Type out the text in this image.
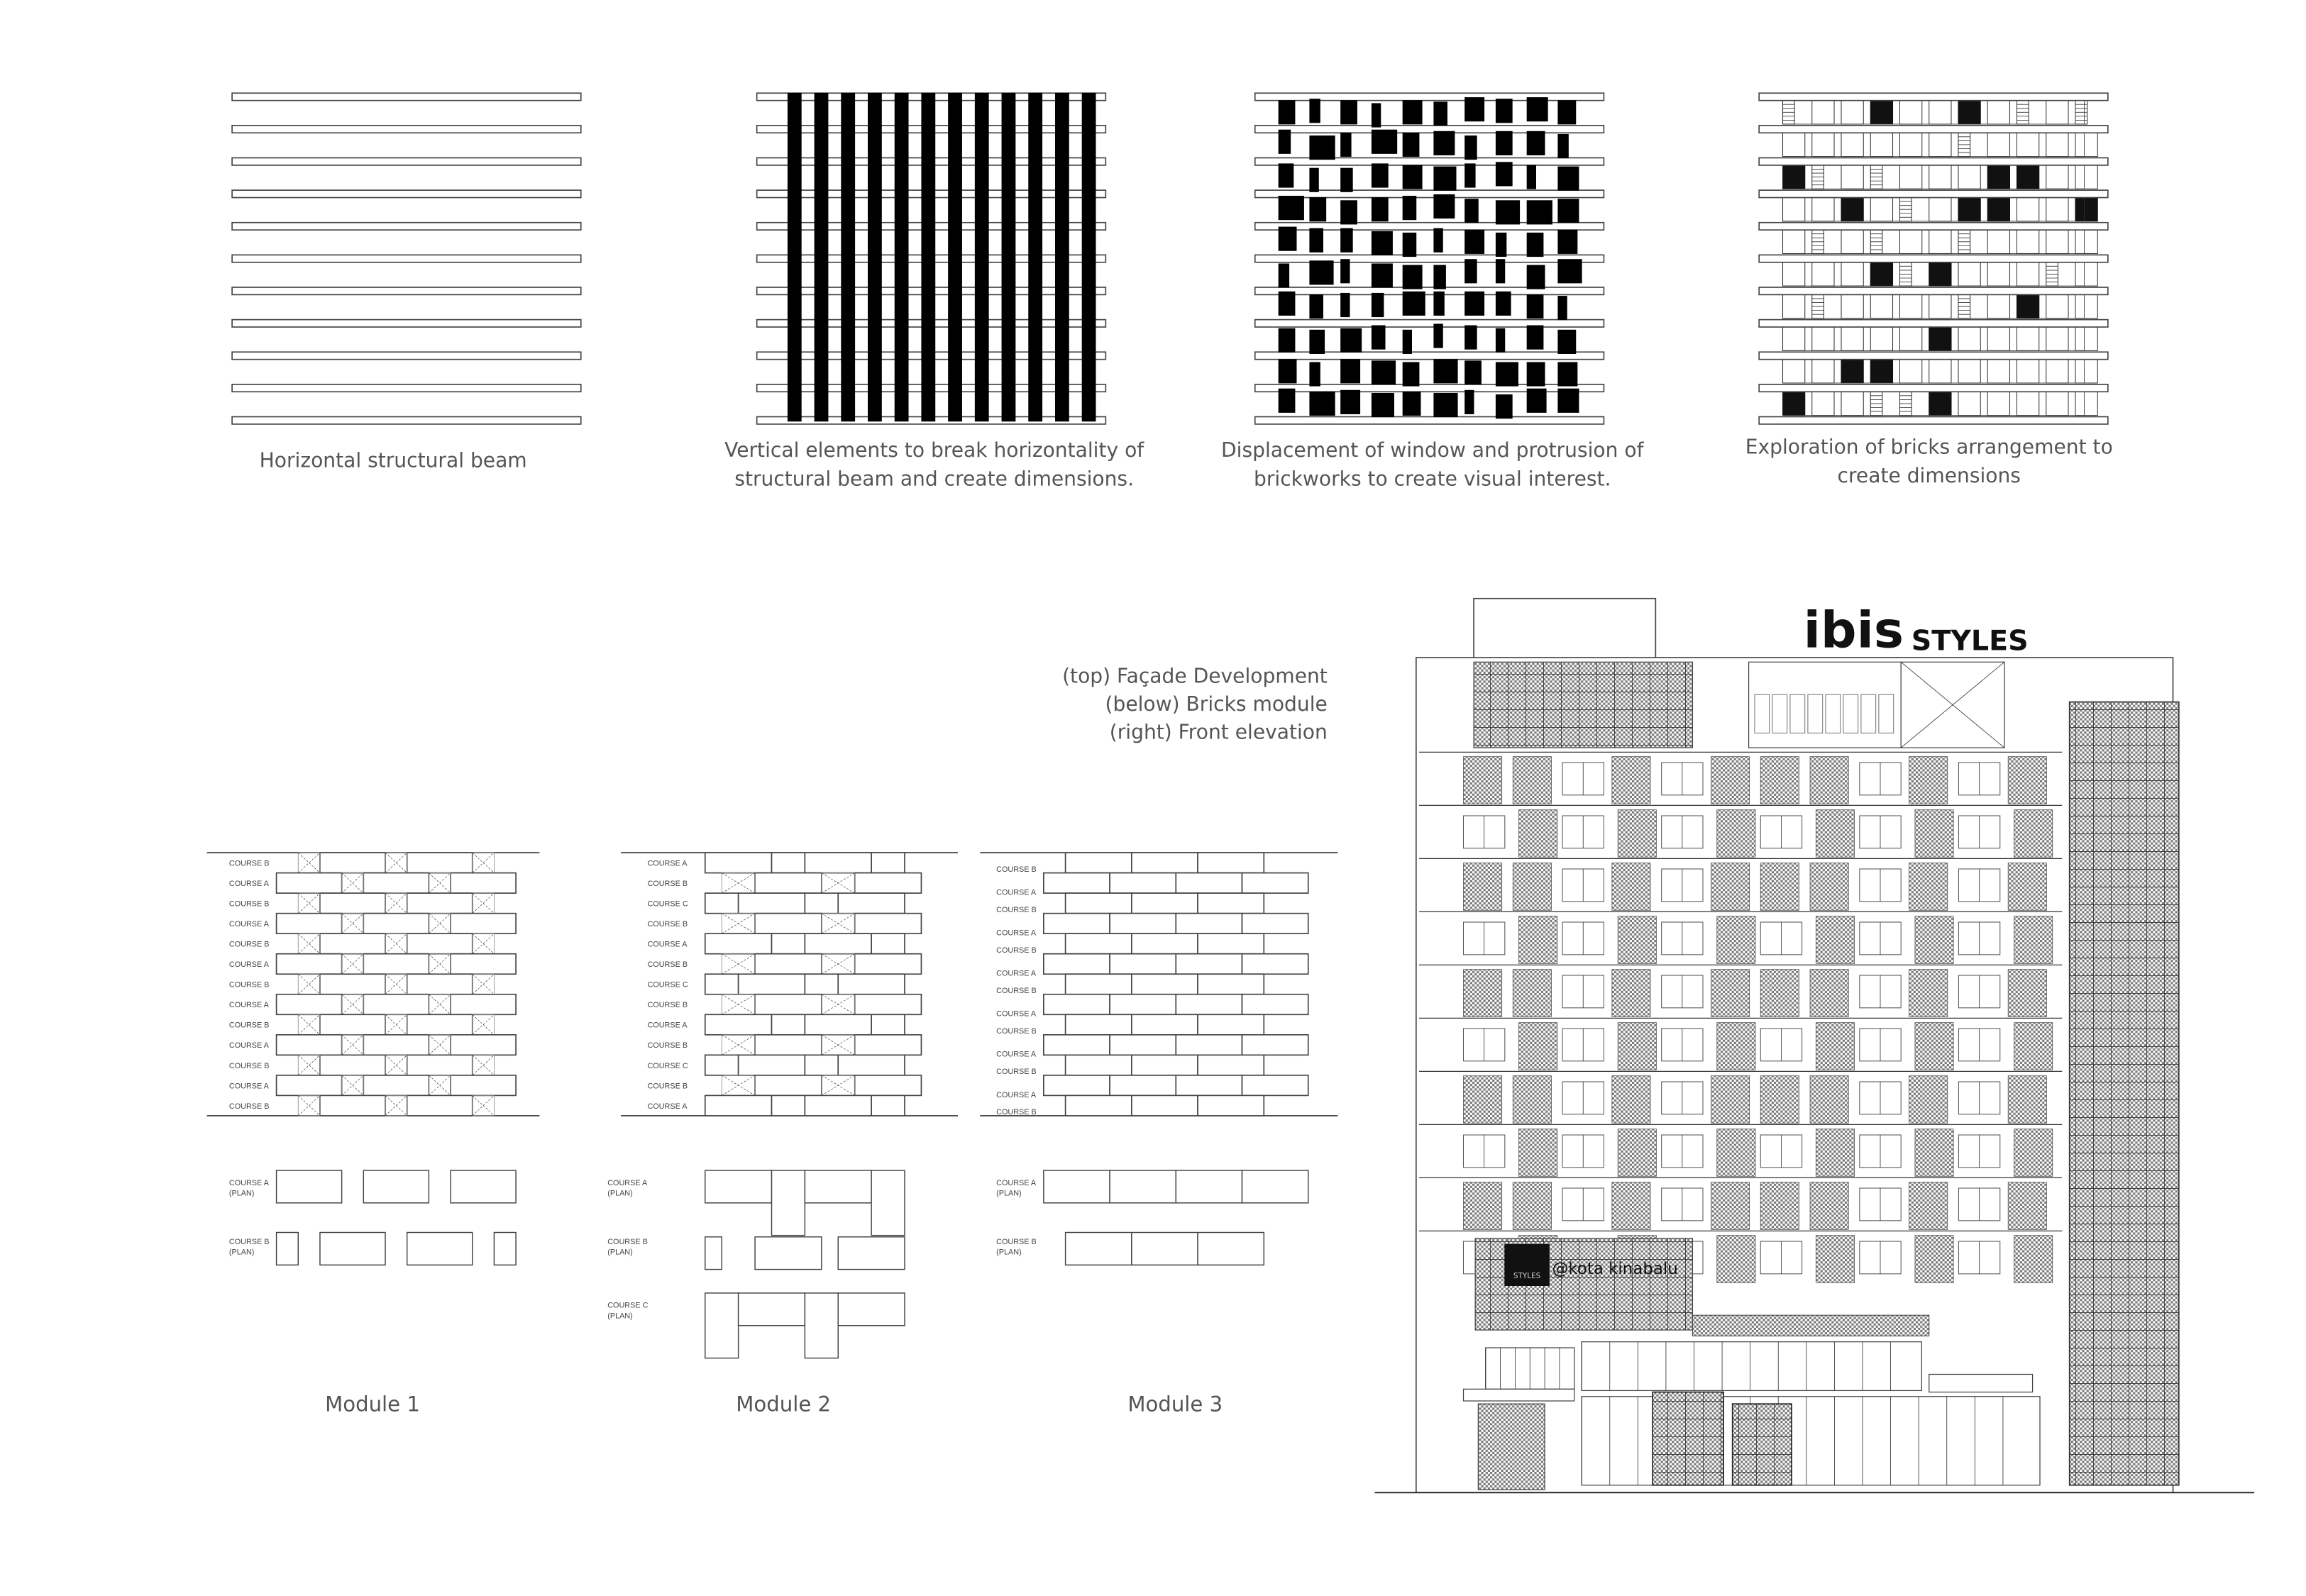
Horizontal structural beam	Vertical elements to break horizontality of
structural beam and create dimensions.
Displacement of window and protrusion of
brickworks to create visual interest.
Exploration of bricks arrangement to
create dimensions
(top) Façade Development
(below) Bricks module
(right) Front elevation
COURSE B
COURSE A
COURSE B
COURSE A
COURSE B
COURSE A
COURSE B
COURSE A
COURSE B
COURSE A
COURSE B
COURSE A
COURSE B
COURSE A
(PLAN)
COURSE B
(PLAN)
Module 1
COURSE A
COURSE B
COURSE C
COURSE B
COURSE A
COURSE B
COURSE C
COURSE B
COURSE A
COURSE B
COURSE C
COURSE B
COURSE A
COURSE A
(PLAN)
COURSE B
(PLAN)
COURSE C
(PLAN)
Module 2
COURSE B
COURSE A
COURSE B
COURSE A
COURSE B
COURSE A
COURSE B
COURSE A
COURSE B
COURSE A
COURSE B
COURSE A
COURSE B
COURSE A
(PLAN)
COURSE B
(PLAN)
Module 3
ibis STYLES
ibis
STYLES @kota kinabalu
